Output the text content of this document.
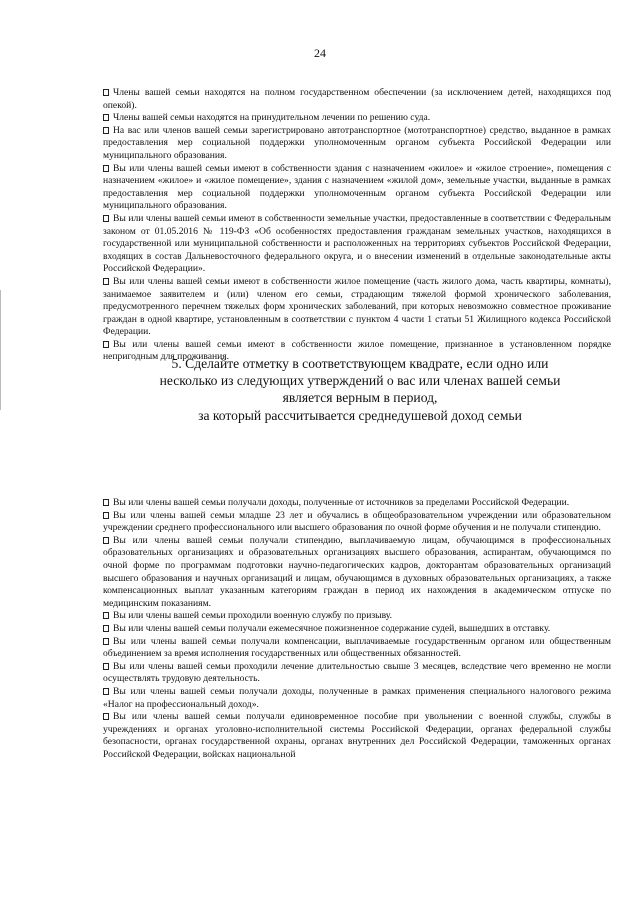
24

Члены вашей семьи находятся на полном государственном обеспечении (за исключением детей, находящихся под опекой).

Члены вашей семьи находятся на принудительном лечении по решению суда.

На вас или членов вашей семьи зарегистрировано автотранспортное (мототранспортное) средство, выданное в рамках предоставления мер социальной поддержки уполномоченным органом субъекта Российской Федерации или муниципального образования.

Вы или члены вашей семьи имеют в собственности здания с назначением «жилое» и «жилое строение», помещения с назначением «жилое» и «жилое помещение», здания с назначением «жилой дом», земельные участки, выданные в рамках предоставления мер социальной поддержки уполномоченным органом субъекта Российской Федерации или муниципального образования.

Вы или члены вашей семьи имеют в собственности земельные участки, предоставленные в соответствии с Федеральным законом от 01.05.2016 № 119-ФЗ «Об особенностях предоставления гражданам земельных участков, находящихся в государственной или муниципальной собственности и расположенных на территориях субъектов Российской Федерации, входящих в состав Дальневосточного федерального округа, и о внесении изменений в отдельные законодательные акты Российской Федерации».

Вы или члены вашей семьи имеют в собственности жилое помещение (часть жилого дома, часть квартиры, комнаты), занимаемое заявителем и (или) членом его семьи, страдающим тяжелой формой хронического заболевания, предусмотренного перечнем тяжелых форм хронических заболеваний, при которых невозможно совместное проживание граждан в одной квартире, установленным в соответствии с пунктом 4 части 1 статьи 51 Жилищного кодекса Российской Федерации.

Вы или члены вашей семьи имеют в собственности жилое помещение, признанное в установленном порядке непригодным для проживания.

5. Сделайте отметку в соответствующем квадрате, если одно или
несколько из следующих утверждений о вас или членах вашей семьи
является верным в период,
за который рассчитывается среднедушевой доход семьи

Вы или члены вашей семьи получали доходы, полученные от источников за пределами Российской Федерации.

Вы или члены вашей семьи младше 23 лет и обучались в общеобразовательном учреждении или образовательном учреждении среднего профессионального или высшего образования по очной форме обучения и не получали стипендию.

Вы или члены вашей семьи получали стипендию, выплачиваемую лицам, обучающимся в профессиональных образовательных организациях и образовательных организациях высшего образования, аспирантам, обучающимся по очной форме по программам подготовки научно-педагогических кадров, докторантам образовательных организаций высшего образования и научных организаций и лицам, обучающимся в духовных образовательных организациях, а также компенсационных выплат указанным категориям граждан в период их нахождения в академическом отпуске по медицинским показаниям.

Вы или члены вашей семьи проходили военную службу по призыву.

Вы или члены вашей семьи получали ежемесячное пожизненное содержание судей, вышедших в отставку.

Вы или члены вашей семьи получали компенсации, выплачиваемые государственным органом или общественным объединением за время исполнения государственных или общественных обязанностей.

Вы или члены вашей семьи проходили лечение длительностью свыше 3 месяцев, вследствие чего временно не могли осуществлять трудовую деятельность.

Вы или члены вашей семьи получали доходы, полученные в рамках применения специального налогового режима «Налог на профессиональный доход».

Вы или члены вашей семьи получали единовременное пособие при увольнении с военной службы, службы в учреждениях и органах уголовно-исполнительной системы Российской Федерации, органах федеральной службы безопасности, органах государственной охраны, органах внутренних дел Российской Федерации, таможенных органах Российской Федерации, войсках национальной
